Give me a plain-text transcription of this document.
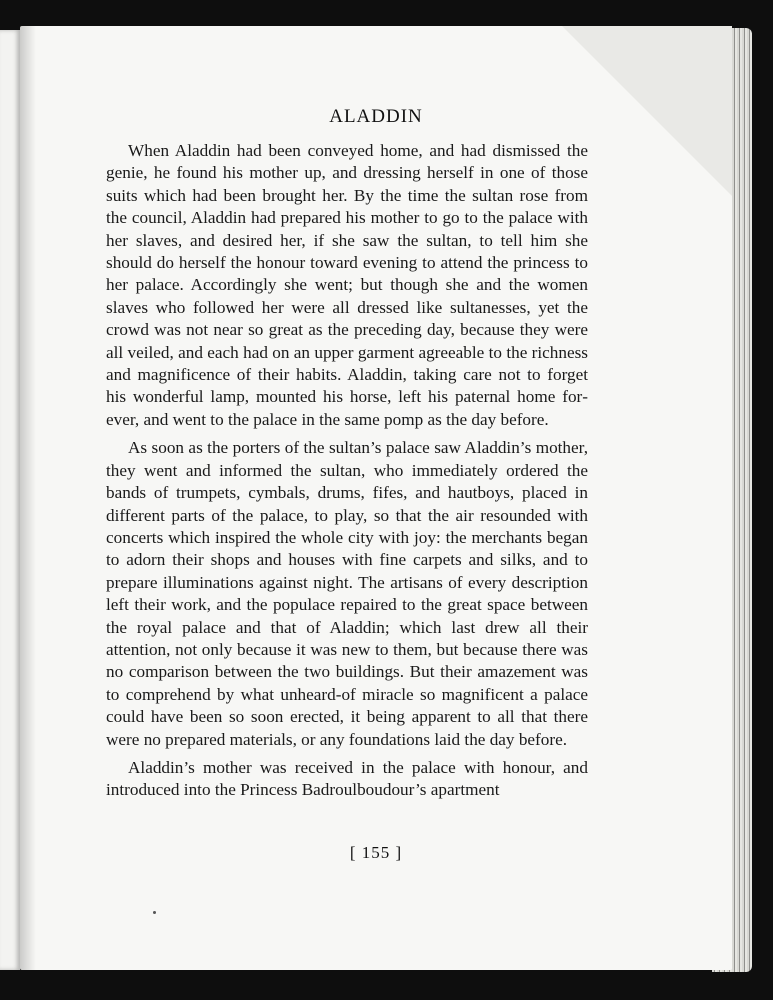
ALADDIN

When Aladdin had been conveyed home, and had dismissed the genie, he found his mother up, and dressing herself in one of those suits which had been brought her. By the time the sultan rose from the council, Aladdin had prepared his mother to go to the palace with her slaves, and desired her, if she saw the sultan, to tell him she should do herself the honour toward evening to attend the princess to her palace. Accordingly she went; but though she and the women slaves who followed her were all dressed like sultanesses, yet the crowd was not near so great as the preceding day, because they were all veiled, and each had on an upper garment agreeable to the richness and magnificence of their habits. Aladdin, taking care not to forget his wonderful lamp, mounted his horse, left his paternal home forever, and went to the palace in the same pomp as the day before.

As soon as the porters of the sultan’s palace saw Aladdin’s mother, they went and informed the sultan, who immediately ordered the bands of trumpets, cymbals, drums, fifes, and hautboys, placed in different parts of the palace, to play, so that the air resounded with concerts which inspired the whole city with joy: the merchants began to adorn their shops and houses with fine carpets and silks, and to prepare illuminations against night. The artisans of every description left their work, and the populace repaired to the great space between the royal palace and that of Aladdin; which last drew all their attention, not only because it was new to them, but because there was no comparison between the two buildings. But their amazement was to comprehend by what unheard-of miracle so magnificent a palace could have been so soon erected, it being apparent to all that there were no prepared materials, or any foundations laid the day before.

Aladdin’s mother was received in the palace with honour, and introduced into the Princess Badroulboudour’s apartment

[ 155 ]
